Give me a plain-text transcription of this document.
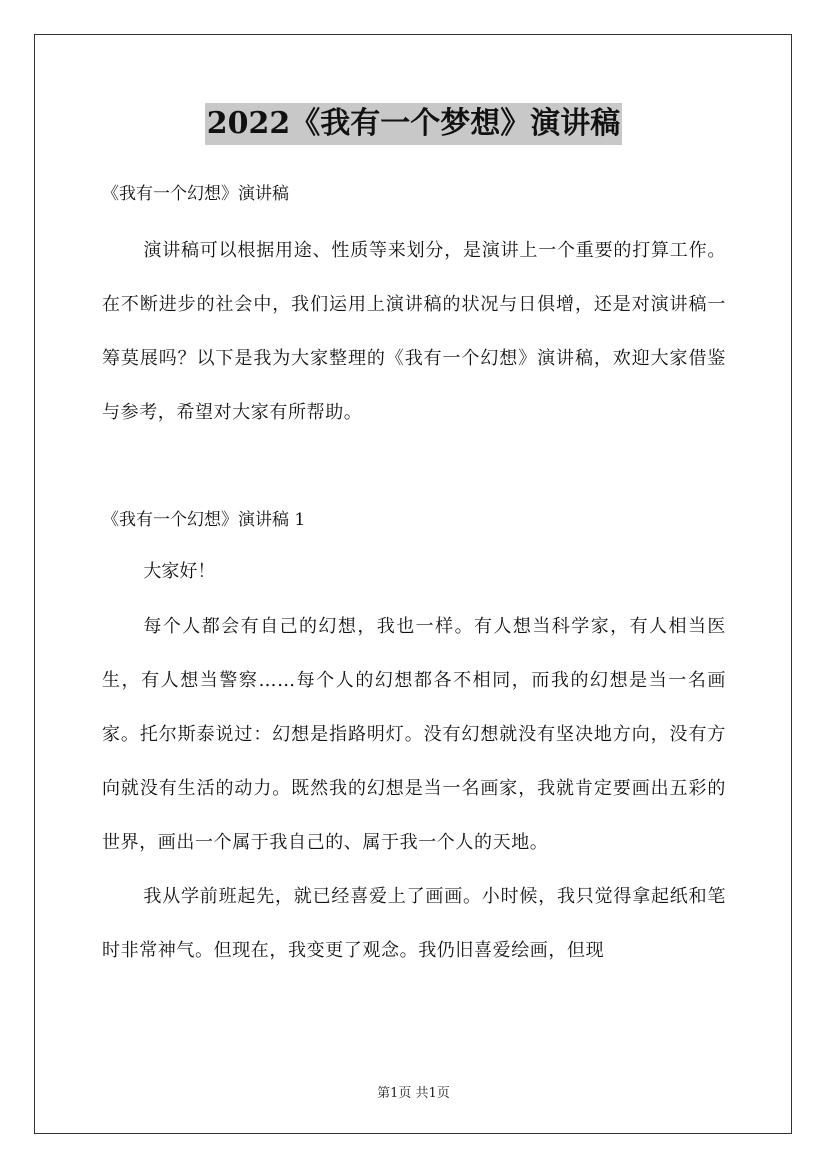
2022《我有一个梦想》演讲稿

《我有一个幻想》演讲稿

演讲稿可以根据用途、性质等来划分，是演讲上一个重要的打算工作。在不断进步的社会中，我们运用上演讲稿的状况与日俱增，还是对演讲稿一筹莫展吗？以下是我为大家整理的《我有一个幻想》演讲稿，欢迎大家借鉴与参考，希望对大家有所帮助。

《我有一个幻想》演讲稿 1

大家好！

每个人都会有自己的幻想，我也一样。有人想当科学家，有人相当医生，有人想当警察……每个人的幻想都各不相同，而我的幻想是当一名画家。托尔斯泰说过：幻想是指路明灯。没有幻想就没有坚决地方向，没有方向就没有生活的动力。既然我的幻想是当一名画家，我就肯定要画出五彩的世界，画出一个属于我自己的、属于我一个人的天地。

我从学前班起先，就已经喜爱上了画画。小时候，我只觉得拿起纸和笔时非常神气。但现在，我变更了观念。我仍旧喜爱绘画，但现

第1页 共1页
